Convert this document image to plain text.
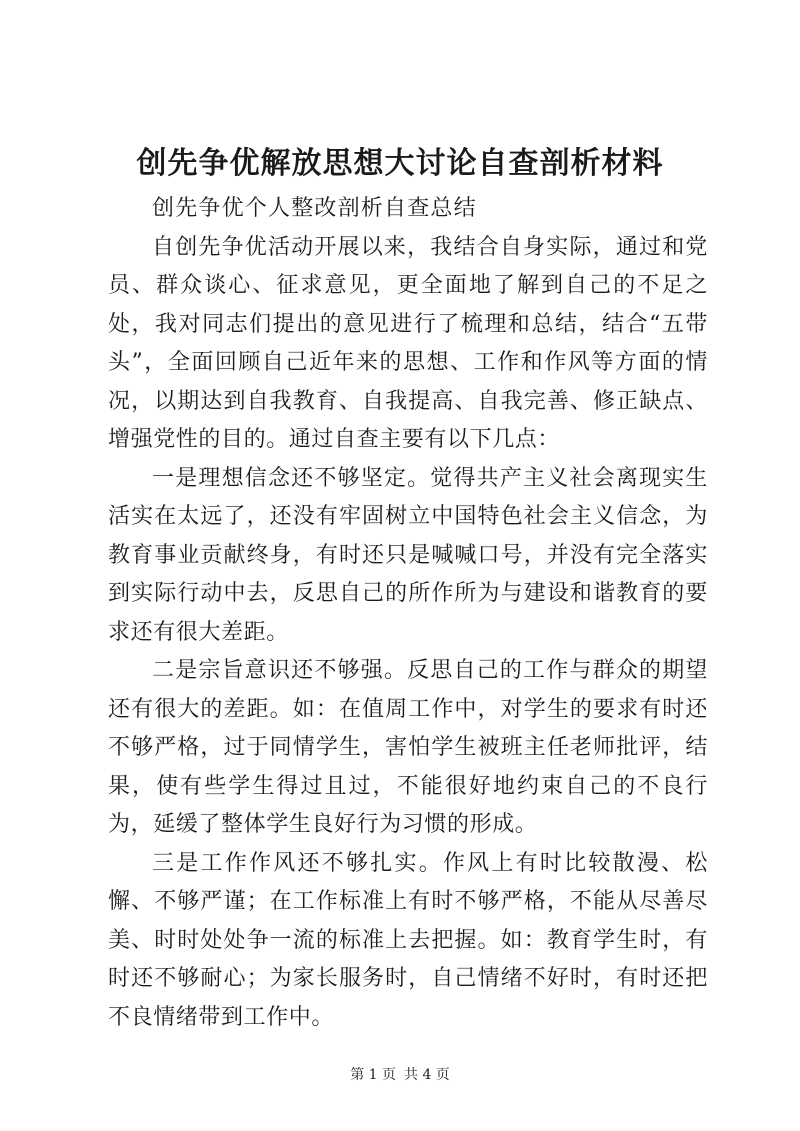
创先争优解放思想大讨论自查剖析材料

创先争优个人整改剖析自查总结

自创先争优活动开展以来，我结合自身实际，通过和党员、群众谈心、征求意见，更全面地了解到自己的不足之处，我对同志们提出的意见进行了梳理和总结，结合“五带头”，全面回顾自己近年来的思想、工作和作风等方面的情况，以期达到自我教育、自我提高、自我完善、修正缺点、增强党性的目的。通过自查主要有以下几点：

一是理想信念还不够坚定。觉得共产主义社会离现实生活实在太远了，还没有牢固树立中国特色社会主义信念，为教育事业贡献终身，有时还只是喊喊口号，并没有完全落实到实际行动中去，反思自己的所作所为与建设和谐教育的要求还有很大差距。

二是宗旨意识还不够强。反思自己的工作与群众的期望还有很大的差距。如：在值周工作中，对学生的要求有时还不够严格，过于同情学生，害怕学生被班主任老师批评，结果，使有些学生得过且过，不能很好地约束自己的不良行为，延缓了整体学生良好行为习惯的形成。

三是工作作风还不够扎实。作风上有时比较散漫、松懈、不够严谨；在工作标准上有时不够严格，不能从尽善尽美、时时处处争一流的标准上去把握。如：教育学生时，有时还不够耐心；为家长服务时，自己情绪不好时，有时还把不良情绪带到工作中。

第 1 页 共 4 页
